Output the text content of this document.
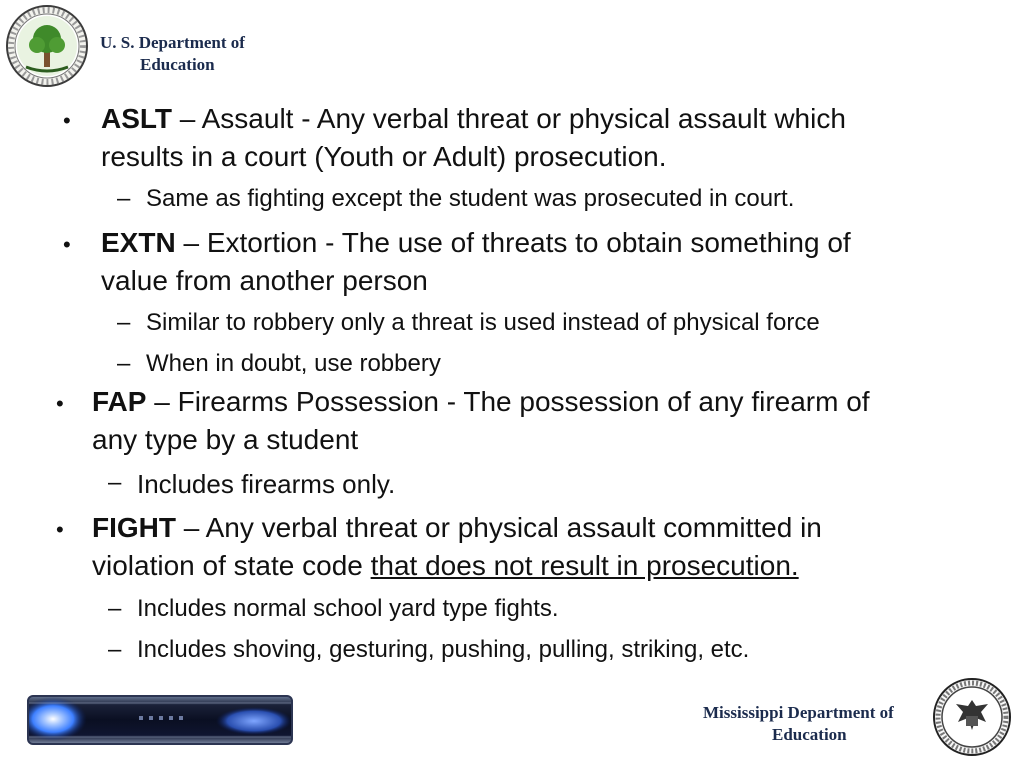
U. S. Department of
Education
• ASLT – Assault - Any verbal threat or physical assault which
results in a court (Youth or Adult) prosecution.
– Same as fighting except the student was prosecuted in court.
• EXTN – Extortion - The use of threats to obtain something of
value from another person
– Similar to robbery only a threat is used instead of physical force
– When in doubt, use robbery
• FAP – Firearms Possession - The possession of any firearm of
any type by a student
– Includes firearms only.
• FIGHT – Any verbal threat or physical assault committed in
violation of state code that does not result in prosecution.
– Includes normal school yard type fights.
– Includes shoving, gesturing, pushing, pulling, striking, etc.
Mississippi Department of
Education
